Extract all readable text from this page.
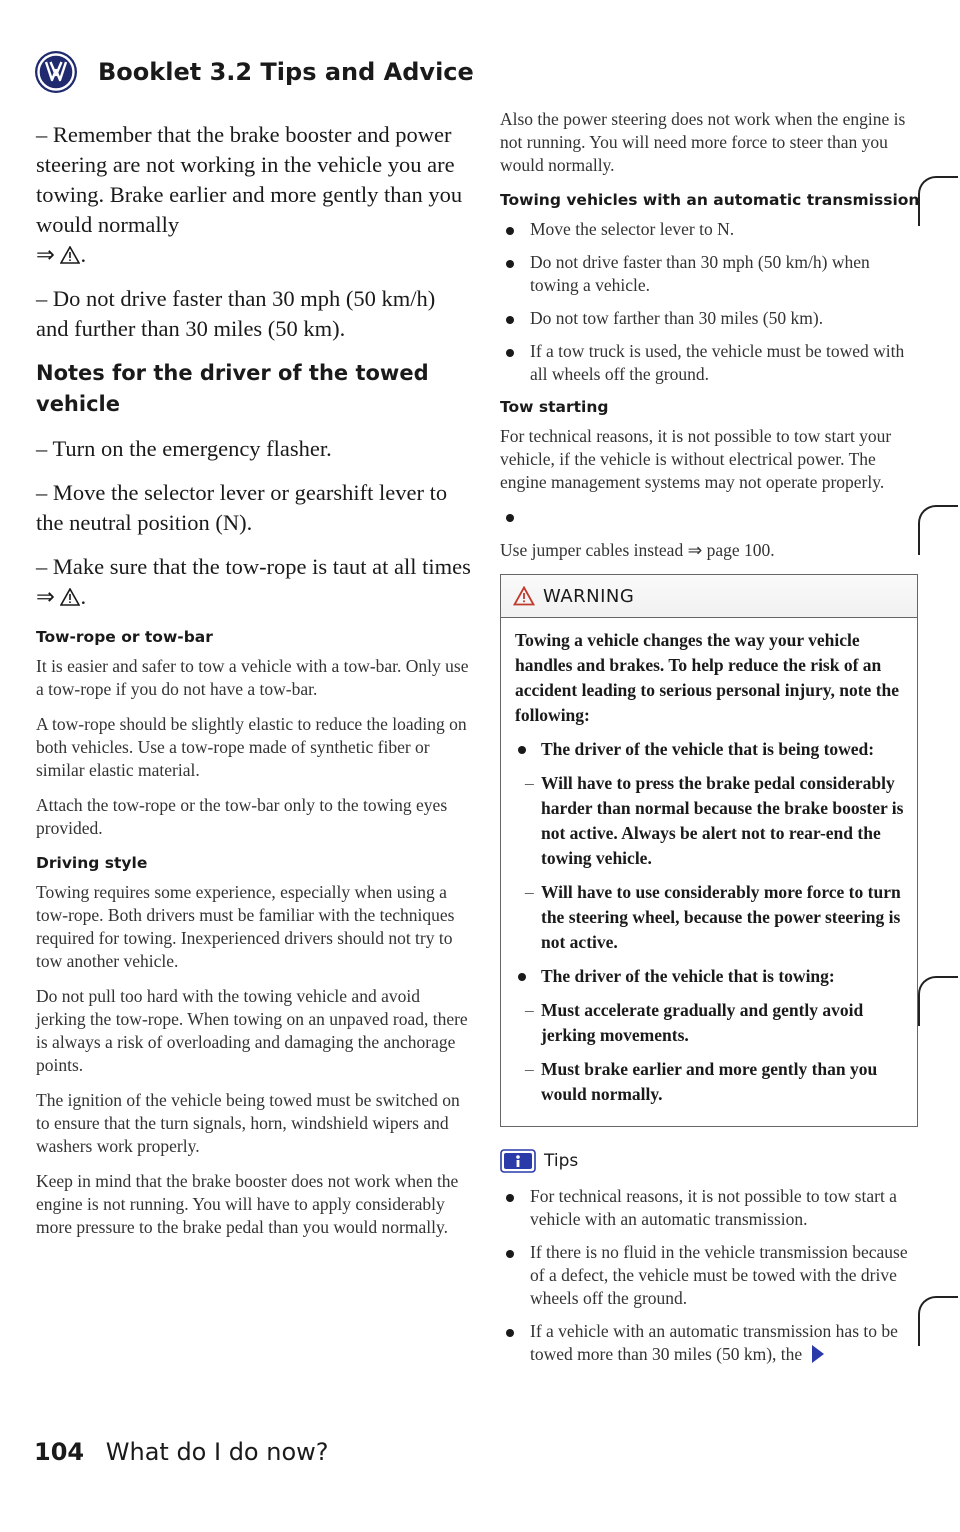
Booklet 3.2 Tips and Advice

– Remember that the brake booster and power steering are not working in the vehicle you are towing. Brake earlier and more gently than you would normally
⇒ .

– Do not drive faster than 30 mph (50 km/h) and further than 30 miles (50 km).

Notes for the driver of the towed vehicle

– Turn on the emergency flasher.

– Move the selector lever or gearshift lever to the neutral position (N).

– Make sure that the tow-rope is taut at all times ⇒ .

Tow-rope or tow-bar

It is easier and safer to tow a vehicle with a tow-bar. Only use a tow-rope if you do not have a tow-bar.

A tow-rope should be slightly elastic to reduce the loading on both vehicles. Use a tow-rope made of synthetic fiber or similar elastic material.

Attach the tow-rope or the tow-bar only to the towing eyes provided.

Driving style

Towing requires some experience, especially when using a tow-rope. Both drivers must be familiar with the techniques required for towing. Inexperienced drivers should not try to tow another vehicle.

Do not pull too hard with the towing vehicle and avoid jerking the tow-rope. When towing on an unpaved road, there is always a risk of overloading and damaging the anchorage points.

The ignition of the vehicle being towed must be switched on to ensure that the turn signals, horn, windshield wipers and washers work properly.

Keep in mind that the brake booster does not work when the engine is not running. You will have to apply considerably more pressure to the brake pedal than you would normally.

Also the power steering does not work when the engine is not running. You will need more force to steer than you would normally.

Towing vehicles with an automatic transmission
Move the selector lever to N.
Do not drive faster than 30 mph (50 km/h) when towing a vehicle.
Do not tow farther than 30 miles (50 km).
If a tow truck is used, the vehicle must be towed with all wheels off the ground.
Tow starting

For technical reasons, it is not possible to tow start your vehicle, if the vehicle is without electrical power. The engine management systems may not operate properly.

Use jumper cables instead ⇒ page 100.

WARNING
Towing a vehicle changes the way your vehicle handles and brakes. To help reduce the risk of an accident leading to serious personal injury, note the following:
The driver of the vehicle that is being towed:
– Will have to press the brake pedal considerably harder than normal because the brake booster is not active. Always be alert not to rear-end the towing vehicle.
– Will have to use considerably more force to turn the steering wheel, because the power steering is not active.
The driver of the vehicle that is towing:
– Must accelerate gradually and gently avoid jerking movements.
– Must brake earlier and more gently than you would normally.
Tips
For technical reasons, it is not possible to tow start a vehicle with an automatic transmission.
If there is no fluid in the vehicle transmission because of a defect, the vehicle must be towed with the drive wheels off the ground.
If a vehicle with an automatic transmission has to be towed more than 30 miles (50 km), the
104 What do I do now?
